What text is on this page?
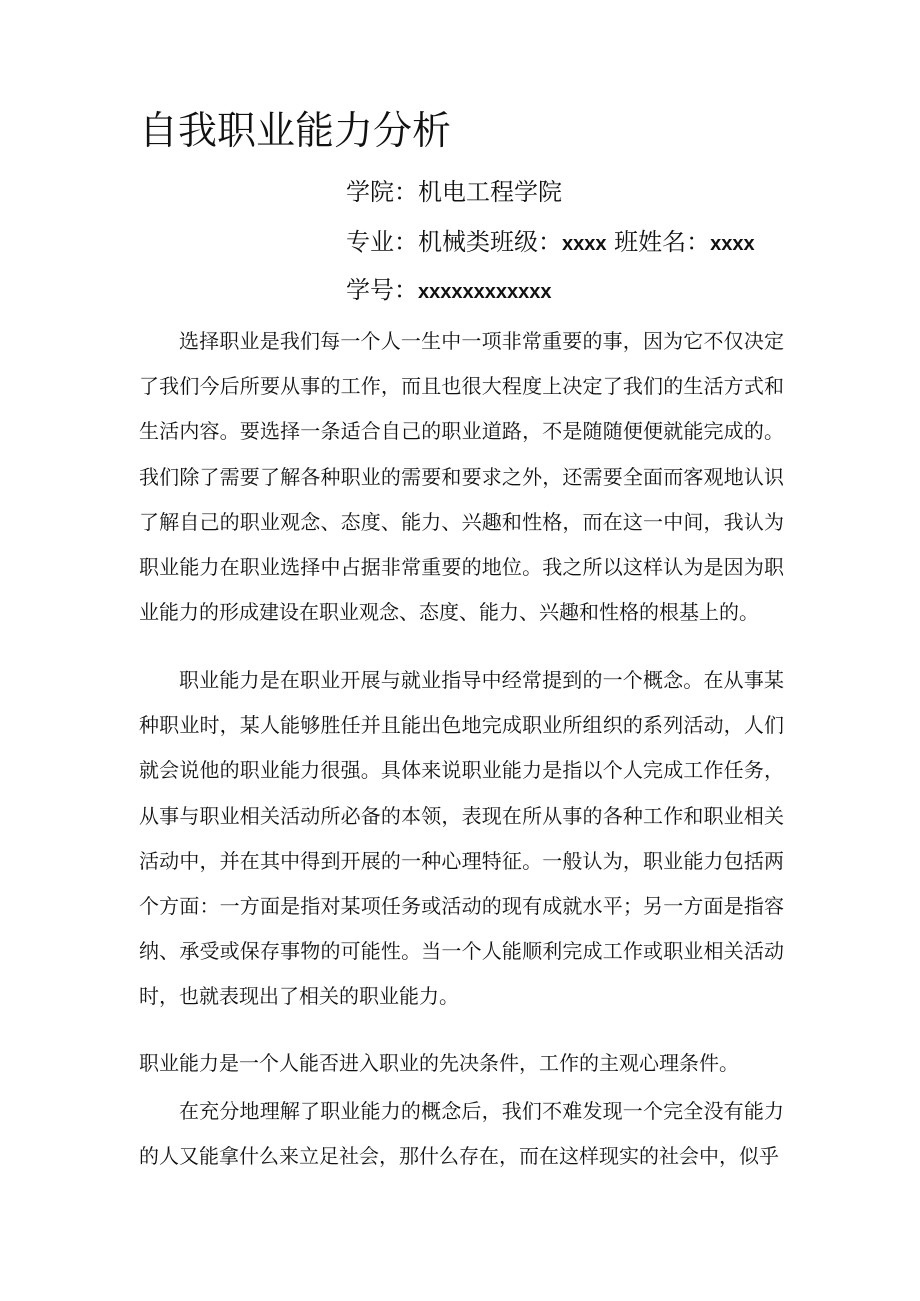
自我职业能力分析
学院：机电工程学院
专业：机械类班级：xxxx 班姓名：xxxx
学号：xxxxxxxxxxxx

选择职业是我们每一个人一生中一项非常重要的事，因为它不仅决定了我们今后所要从事的工作，而且也很大程度上决定了我们的生活方式和生活内容。要选择一条适合自己的职业道路，不是随随便便就能完成的。我们除了需要了解各种职业的需要和要求之外，还需要全面而客观地认识了解自己的职业观念、态度、能力、兴趣和性格，而在这一中间，我认为职业能力在职业选择中占据非常重要的地位。我之所以这样认为是因为职业能力的形成建设在职业观念、态度、能力、兴趣和性格的根基上的。

职业能力是在职业开展与就业指导中经常提到的一个概念。在从事某种职业时，某人能够胜任并且能出色地完成职业所组织的系列活动，人们就会说他的职业能力很强。具体来说职业能力是指以个人完成工作任务，从事与职业相关活动所必备的本领，表现在所从事的各种工作和职业相关活动中，并在其中得到开展的一种心理特征。一般认为，职业能力包括两个方面：一方面是指对某项任务或活动的现有成就水平；另一方面是指容纳、承受或保存事物的可能性。当一个人能顺利完成工作或职业相关活动时，也就表现出了相关的职业能力。

职业能力是一个人能否进入职业的先决条件，工作的主观心理条件。

在充分地理解了职业能力的概念后，我们不难发现一个完全没有能力的人又能拿什么来立足社会，那什么存在，而在这样现实的社会中，似乎
